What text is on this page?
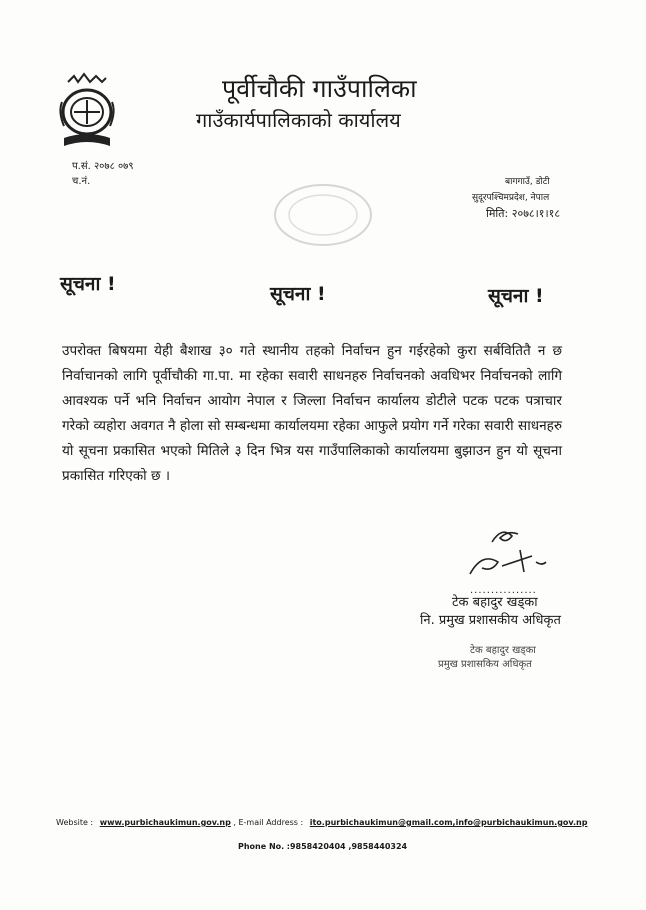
पूर्वीचौकी गाउँपालिका
गाउँकार्यपालिकाको कार्यालय
प.सं. २०७८ ०७९
च.नं.	बागगाउँ, डोटी
सुदूरपश्चिमप्रदेश, नेपाल
मिति: २०७८।१।१८
सूचना !	सूचना !	सूचना !

उपरोक्त बिषयमा येही बैशाख ३० गते स्थानीय तहको निर्वाचन हुन गईरहेको कुरा सर्बवितितै न छ निर्वाचानको लागि पूर्वीचौकी गा.पा. मा रहेका सवारी साधनहरु निर्वाचनको अवधिभर निर्वाचनको लागि आवश्यक पर्ने भनि निर्वाचन आयोग नेपाल र जिल्ला निर्वाचन कार्यालय डोटीले पटक पटक पत्राचार गरेको व्यहोरा अवगत नै होला सो सम्बन्धमा कार्यालयमा रहेका आफुले प्रयोग गर्ने गरेका सवारी साधनहरु यो सूचना प्रकासित भएको मितिले ३ दिन भित्र यस गाउँपालिकाको कार्यालयमा बुझाउन हुन यो सूचना प्रकासित गरिएको छ ।

................
टेक बहादुर खड्का
नि. प्रमुख प्रशासकीय अधिकृत
टेक बहादुर खड्का
प्रमुख प्रशासकिय अधिकृत
Website : www.purbichaukimun.gov.np , E-mail Address : ito.purbichaukimun@gmail.com,info@purbichaukimun.gov.np
Phone No. :9858420404 ,9858440324
